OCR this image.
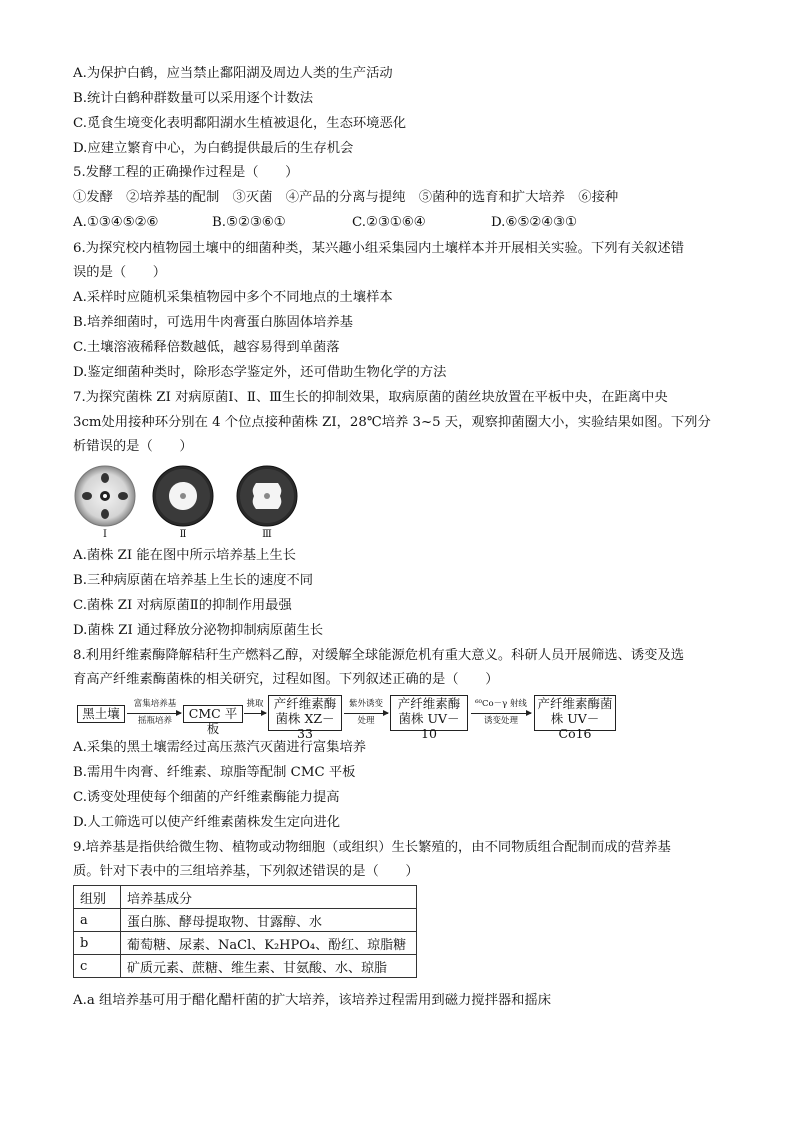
A.为保护白鹤，应当禁止鄱阳湖及周边人类的生产活动
B.统计白鹤种群数量可以采用逐个计数法
C.觅食生境变化表明鄱阳湖水生植被退化，生态环境恶化
D.应建立繁育中心，为白鹤提供最后的生存机会
5.发酵工程的正确操作过程是（　　）
①发酵　②培养基的配制　③灭菌　④产品的分离与提纯　⑤菌种的选育和扩大培养　⑥接种
A.①③④⑤②⑥	B.⑤②③⑥①	C.②③①⑥④	D.⑥⑤②④③①
6.为探究校内植物园土壤中的细菌种类，某兴趣小组采集园内土壤样本并开展相关实验。下列有关叙述错
误的是（　　）
A.采样时应随机采集植物园中多个不同地点的土壤样本
B.培养细菌时，可选用牛肉膏蛋白胨固体培养基
C.土壤溶液稀释倍数越低，越容易得到单菌落
D.鉴定细菌种类时，除形态学鉴定外，还可借助生物化学的方法
7.为探究菌株 ZI 对病原菌Ⅰ、Ⅱ、Ⅲ生长的抑制效果，取病原菌的菌丝块放置在平板中央，在距离中央
3cm处用接种环分别在 4 个位点接种菌株 ZI，28℃培养 3~5 天，观察抑菌圈大小，实验结果如图。下列分
析错误的是（　　）
Ⅰ	Ⅱ	Ⅲ
A.菌株 ZI 能在图中所示培养基上生长
B.三种病原菌在培养基上生长的速度不同
C.菌株 ZI 对病原菌Ⅱ的抑制作用最强
D.菌株 ZI 通过释放分泌物抑制病原菌生长
8.利用纤维素酶降解秸秆生产燃料乙醇，对缓解全球能源危机有重大意义。科研人员开展筛选、诱变及选
育高产纤维素酶菌株的相关研究，过程如图。下列叙述正确的是（　　）
黑土壤
富集培养基
摇瓶培养	CMC 平板
挑取 产纤维素酶
菌株 XZ－33
紫外诱变
处理
产纤维素酶
菌株 UV－10
⁶⁰Co－γ 射线
诱变处理
产纤维素酶菌
株 UV－Co16
A.采集的黑土壤需经过高压蒸汽灭菌进行富集培养
B.需用牛肉膏、纤维素、琼脂等配制 CMC 平板
C.诱变处理使每个细菌的产纤维素酶能力提高
D.人工筛选可以使产纤维素菌株发生定向进化
9.培养基是指供给微生物、植物或动物细胞（或组织）生长繁殖的，由不同物质组合配制而成的营养基
质。针对下表中的三组培养基，下列叙述错误的是（　　）
组别	培养基成分
a	蛋白胨、酵母提取物、甘露醇、水
b	葡萄糖、尿素、NaCl、K₂HPO₄、酚红、琼脂糖
c	矿质元素、蔗糖、维生素、甘氨酸、水、琼脂
A.a 组培养基可用于醋化醋杆菌的扩大培养，该培养过程需用到磁力搅拌器和摇床
